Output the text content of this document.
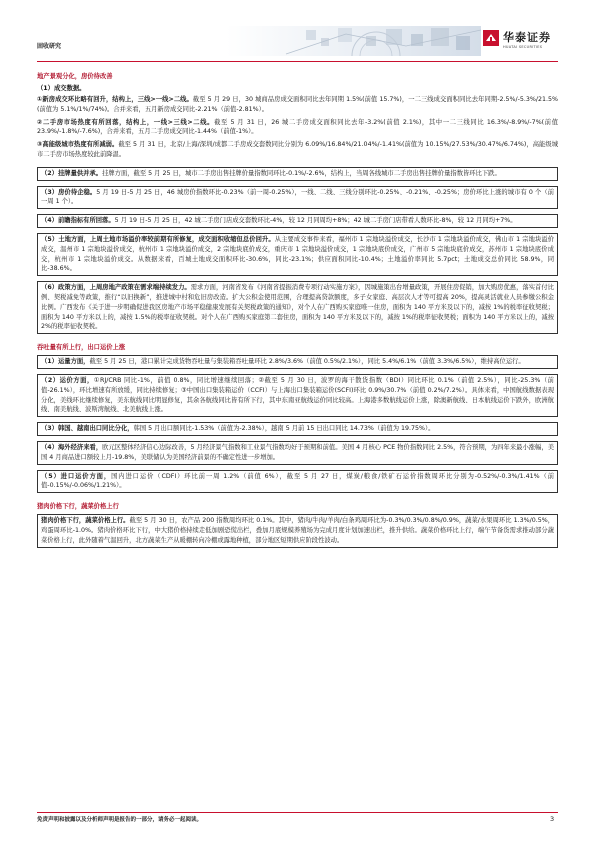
固收研究
华泰证券
HUATAI SECURITIES
地产景观分化，房价待改善
（1）成交数据。
①新房成交环比略有回升，结构上，三线>一线>二线。截至 5 月 29 日，30 城商品房成交面积同比去年同期 1.5%(前值 15.7%)，一二三线成交面积同比去年同期-2.5%/-5.3%/21.5%(前值为 5.1%/1%/74%)。合并来看，五月新房成交同比-2.21%（前值-2.81%）。
②二手房市场热度有所回落，结构上，一线>三线>二线。截至 5 月 31 日，26 城二手房成交面积同比去年-3.2%(前值 2.1%)，其中一二三线同比 16.3%/-8.9%/-7%(前值 23.9%/-1.8%/-7.6%)，合并来看，五月二手房成交同比-1.44%（前值-1%）。
③高能级城市热度有所减弱。截至 5 月 31 日，北京/上海/深圳/成都二手房成交套数同比分别为 6.09%/16.84%/21.04%/-1.41%(前值为 10.15%/27.53%/30.47%/6.74%)，高能级城市二手房市场热度较此前降温。
（2）挂牌量供并承。挂牌方面，截至 5 月 25 日，城市二手房出售挂牌价量指数同环比-0.1%/-2.6%，结构上，当周各线城市二手房出售挂牌价量指数皆环比下跌。
（3）房价待企稳。5 月 19 日-5 月 25 日，46 城房价指数环比-0.23%（前一周-0.25%），一线、二线、三线分别环比-0.25%、-0.21%、-0.25%；房价环比上涨的城市有 0 个（前一周 1 个）。
（4）前瞻指标有所回落。5 月 19 日-5 月 25 日，42 城二手房门店成交套数环比-4%，较 12 月同周均+8%；42 城二手房门店带看人数环比-8%，较 12 月同均+7%。
（5）土地方面，上周土地市场溢价率较前期有所修复，成交面积收缩但总价回升。从主要成交事件来看，福州市 1 宗地块溢价成交，长沙市 1 宗地块溢价成交，佛山市 1 宗地块溢价成交，温州市 1 宗地块溢价成交，杭州市 1 宗地块溢价成交，2 宗地块底价成交，重庆市 1 宗地块溢价成交，1 宗地块底价成交，广州市 5 宗地块底价成交，苏州市 1 宗地块底价成交，杭州市 1 宗地块溢价成交。从数据来看，百城土地成交面积环比-30.6%，同比-23.1%；供应面积同比-10.4%；土地溢价率同比 5.7pct；土地成交总价同比 58.9%，同比-38.6%。
（6）政策方面，上周房地产政策在需求端持续发力。需求方面，河南省发布《河南省提振消费专项行动实施方案》，因城施策出台增量政策，开展住房促销，加大购房优惠，落实首付比例、契税减免等政策，推行“以旧换新”，推进城中村和危旧房改造。扩大公积金使用范围，合理提高贷款额度，多子女家庭、高层次人才等可提高 20%，提高灵活就业人员参缴公积金比例。广西发布《关于进一步明确促进我区房地产市场平稳健康发展有关契税政策的通知》，对个人在广西购买家庭唯一住房，面积为 140 平方米及以下的，减按 1%的税率征收契税；面积为 140 平方米以上的，减按 1.5%的税率征收契税。对个人在广西购买家庭第二套住房，面积为 140 平方米及以下的，减按 1%的税率征收契税；面积为 140 平方米以上的，减按 2%的税率征收契税。
吞吐量有所上行，出口运价上涨
（1）运量方面，截至 5 月 25 日，港口累计完成货物吞吐量与集装箱吞吐量环比 2.8%/3.6%（前值 0.5%/2.1%），同比 5.4%/6.1%（前值 3.3%/6.5%），维持高位运行。
（2）运价方面，①RJ/CRB 同比-1%，前值 0.8%，同比增速继续回落；②截至 5 月 30 日，波罗的海干散货指数（BDI）同比环比 0.1%（前值 2.5%），同比-25.3%（前值-26.1%），环比增速有所放缓，同比持续修复；③中国出口集装箱运价（CCFI）与上海出口集装箱运价(SCFI)环比 0.9%/30.7%（前值 0.2%/7.2%）。具体来看，中国航线数据表现分化，美线环比继续修复，美东航线同比明显修复，其余各航线同比皆有所下行，其中东南亚航线运价同比较高。上海港多数航线运价上涨，除澳新航线、日本航线运价下跌外，欧洲航线、南美航线、波斯湾航线、北美航线上涨。
（3）韩国、越南出口同比分化，韩国 5 月出口额同比-1.53%（前值为-2.38%），越南 5 月前 15 日出口同比 14.73%（前值为 19.75%）。
（4）海外经济来看，欧元区整体经济信心边际改善，5 月经济景气指数和工业景气指数均好于预期和前值。美国 4 月核心 PCE 物价指数同比 2.5%，符合预期，为四年来最小涨幅，美国 4 月商品进口额较上月-19.8%，美联储认为美国经济前景的不确定性进一步增加。
（5）进口运价方面，国内进口运价（CDFI）环比前一周 1.2%（前值 6%），截至 5 月 27 日，煤炭/粮食/铁矿石运价指数周环比分别为-0.52%/-0.3%/1.41%（前值-0.15%/-0.06%/1.21%）。
猪肉价格下行，蔬菜价格上行
猪肉价格下行，蔬菜价格上行。截至 5 月 30 日，农产品 200 指数周均环比 0.1%。其中，猪肉/牛肉/羊肉/白条鸡周环比为-0.3%/0.3%/0.8%/0.9%，蔬菜/水果周环比 1.3%/0.5%，鸡蛋周环比-1.0%。猪肉价格环比下行，中大猪价格持续走低加剧恐慌出栏，叠加月底规模养殖场为完成月度计划加速出栏，推升供给。蔬菜价格环比上行，端午节备货需求推动部分蔬菜价格上行，此外随着气温回升，北方蔬菜生产从暖棚转向冷棚或露地种植，部分地区短期供应阶段性波动。
免责声明和披露以及分析师声明是报告的一部分，请务必一起阅读。	3
